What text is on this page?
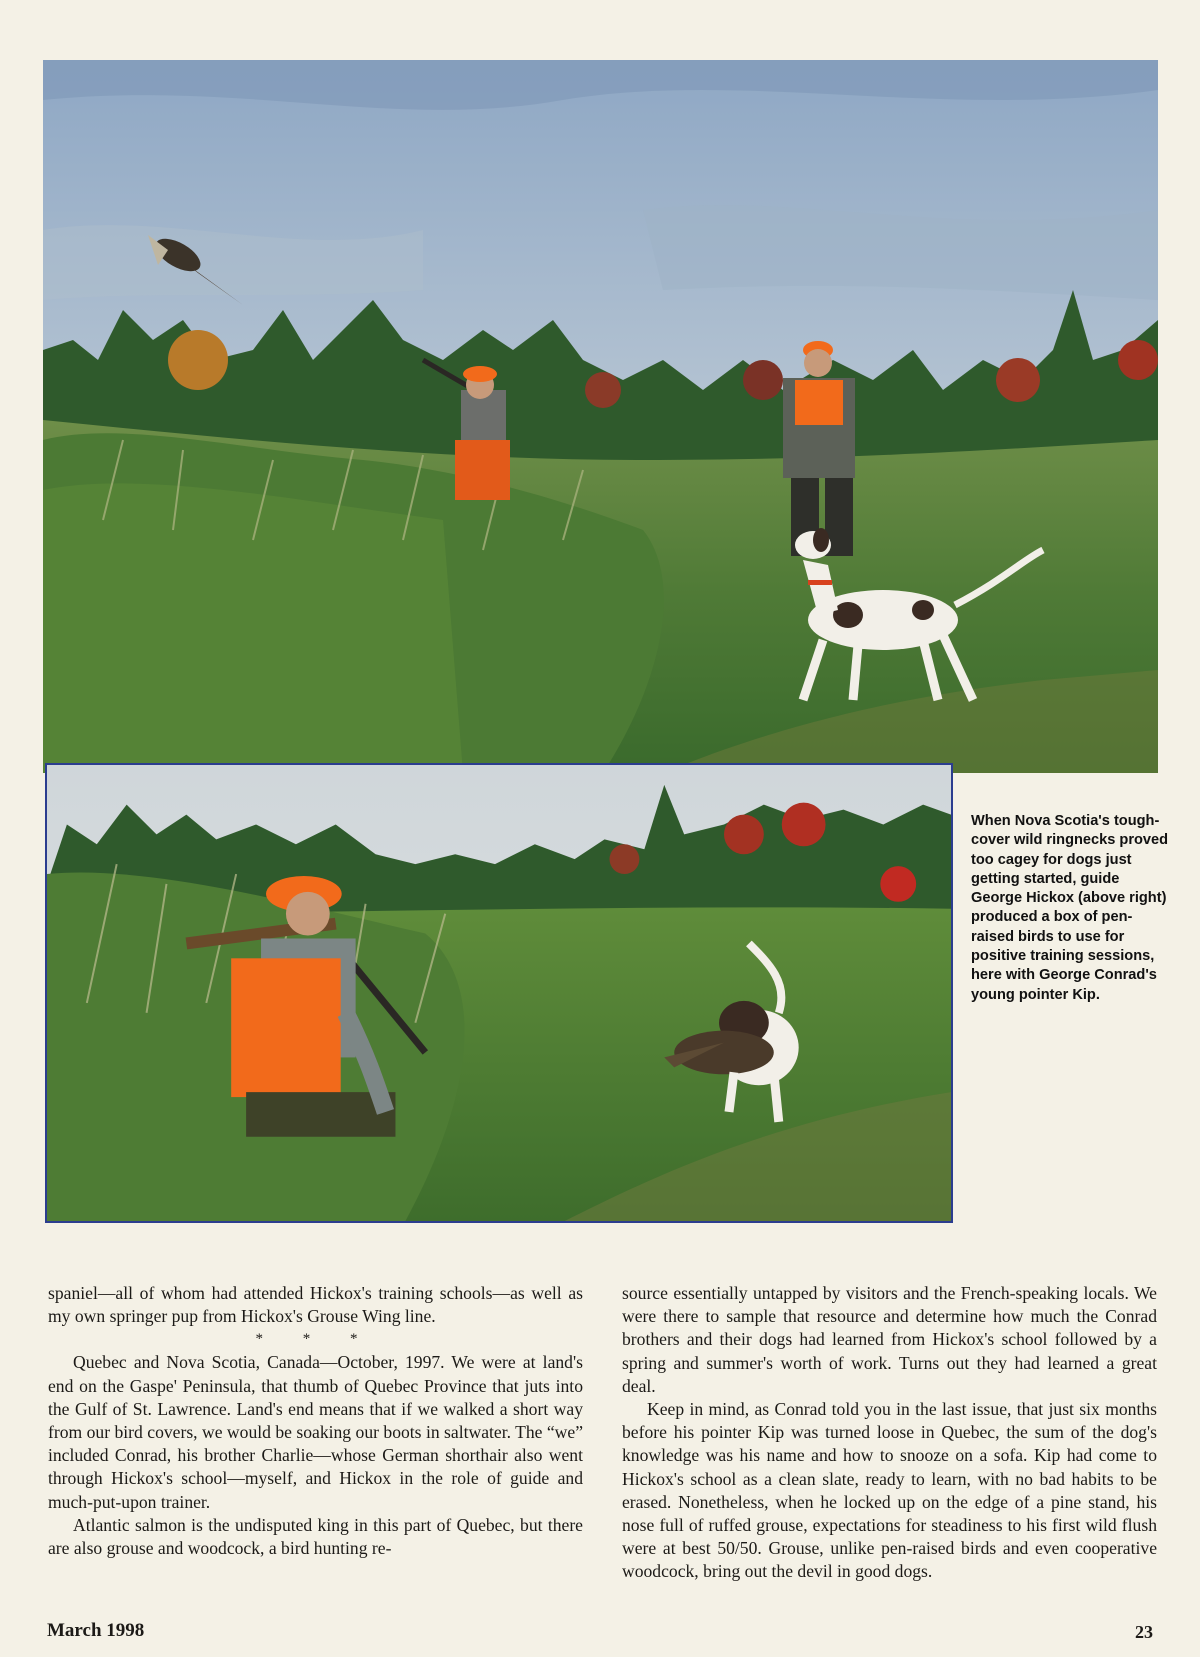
When Nova Scotia's tough-cover wild ringnecks proved too cagey for dogs just getting started, guide George Hickox (above right) produced a box of pen-raised birds to use for positive training sessions, here with George Conrad's young pointer Kip.

spaniel—all of whom had attended Hickox's training schools—as well as my own springer pup from Hickox's Grouse Wing line.

* * *

Quebec and Nova Scotia, Canada—October, 1997. We were at land's end on the Gaspe' Peninsula, that thumb of Quebec Province that juts into the Gulf of St. Lawrence. Land's end means that if we walked a short way from our bird covers, we would be soaking our boots in saltwater. The “we” included Conrad, his brother Charlie—whose German shorthair also went through Hickox's school—myself, and Hickox in the role of guide and much-put-upon trainer.

Atlantic salmon is the undisputed king in this part of Quebec, but there are also grouse and woodcock, a bird hunting re-

source essentially untapped by visitors and the French-speaking locals. We were there to sample that resource and determine how much the Conrad brothers and their dogs had learned from Hickox's school followed by a spring and summer's worth of work. Turns out they had learned a great deal.

Keep in mind, as Conrad told you in the last issue, that just six months before his pointer Kip was turned loose in Quebec, the sum of the dog's knowledge was his name and how to snooze on a sofa. Kip had come to Hickox's school as a clean slate, ready to learn, with no bad habits to be erased. Nonetheless, when he locked up on the edge of a pine stand, his nose full of ruffed grouse, expectations for steadiness to his first wild flush were at best 50/50. Grouse, unlike pen-raised birds and even cooperative woodcock, bring out the devil in good dogs.

March 1998	23
